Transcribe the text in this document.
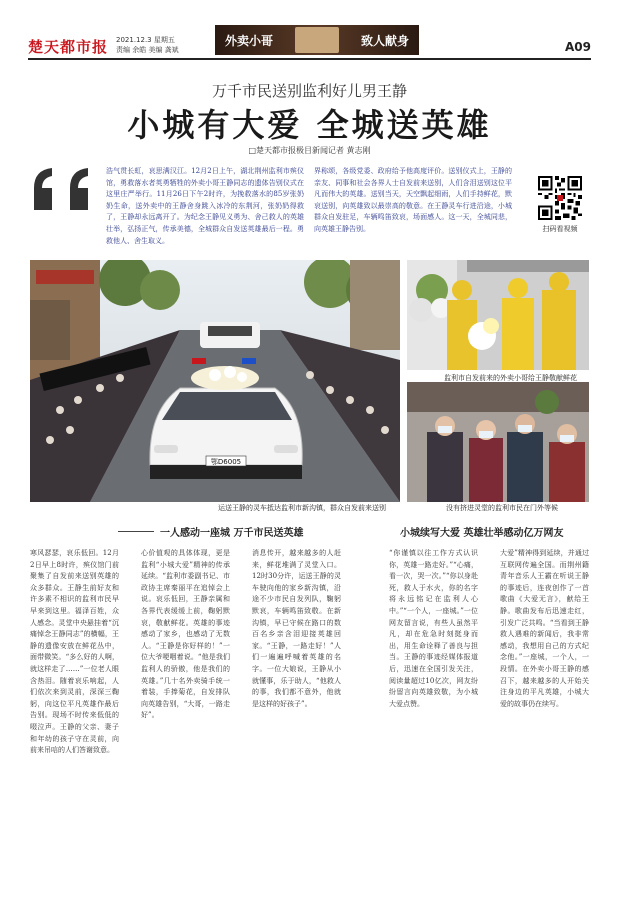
楚天都市报 2021.12.3 星期五
责编 余皓 美编 龚斌
外卖小哥	致人献身	A09
万千市民送别监利好儿男王静
小城有大爱 全城送英雄
□楚天都市报极目新闻记者 黄志刚
浩气贯长虹，哀思满汉江。12月2日上午，湖北荆州监利市殡仪馆，勇救落水者英勇牺牲的外卖小哥王静同志的遗体告别仪式在这里庄严举行。11月26日下午2时许，为挽救落水的85岁张奶奶生命，送外卖中的王静舍身跳入冰冷的东荆河，张奶奶得救了，王静却永远离开了。为纪念王静见义勇为、舍己救人的英雄壮举，弘扬正气，传承美德，全城群众自发送英雄最后一程。勇救他人、舍生取义。
界称颂，各级党委、政府给予他高度评价。送别仪式上，王静的亲友、同事和社会各界人士自发前来送别，人们含泪送别这位平凡而伟大的英雄。送别当天，天空飘起细雨，人们手持鲜花，默哀送别，向英雄致以最崇高的敬意。在王静灵车行进沿途，小城群众自发驻足，车辆鸣笛致哀，场面感人。这一天，全城同悲，向英雄王静告别。	扫码看视频
鄂D6005
运送王静的灵车抵达监利市新沟镇，群众自发前来送别
监利市自发前来的外卖小哥给王静敬献鲜花
没有挤进灵堂的监利市民在门外等候
一人感动一座城 万千市民送英雄	小城续写大爱 英雄壮举感动亿万网友
寒风瑟瑟，哀乐低回。12月2日早上8时许，殡仪馆门前聚集了自发前来送别英雄的众多群众。王静生前好友和许多素不相识的监利市民早早来到这里。福泽百姓，众人感念。灵堂中央悬挂着“沉痛悼念王静同志”的横幅，王静的遗像安放在鲜花丛中，面带微笑。“多么好的人啊，就这样走了……”一位老人眼含热泪。随着哀乐响起，人们依次来到灵前，深深三鞠躬，向这位平凡英雄作最后告别。现场不时传来低低的啜泣声。王静的父亲、妻子和年幼的孩子守在灵前，向前来吊唁的人们答谢致意。
心价值观的具体体现，更是监利“小城大爱”精神的传承延续。“监利市委副书记、市政协主席秦丽平在追悼会上说。哀乐低回，王静亲属和各界代表缓缓上前，鞠躬默哀，敬献鲜花。英雄的事迹感动了家乡，也感动了无数人。“王静是你好样的！”一位大爷哽咽着说。“他是我们监利人的骄傲，他是我们的英雄。”几十名外卖骑手统一着装，手捧菊花，自发排队向英雄告别，“大哥，一路走好”。
消息传开，越来越多的人赶来，鲜花堆满了灵堂入口。12时30分许，运送王静的灵车驶向他的家乡新沟镇，沿途不少市民自发列队，鞠躬默哀，车辆鸣笛致敬。在新沟镇，早已守候在路口的数百名乡亲含泪迎接英雄回家。“王静，一路走好！”人们一遍遍呼喊着英雄的名字。一位大娘说，王静从小就懂事，乐于助人，“他救人的事，我们都不意外，他就是这样的好孩子”。
“你谨慎以往工作方式认识你，英雄一路走好。”“心痛，看一次，哭一次。”“你以身赴死，救人于水火，你的名字将永远铭记在监利人心中。”“一个人，一座城。”一位网友留言说，有些人虽然平凡，却在危急时刻挺身而出，用生命诠释了善良与担当。王静的事迹经媒体报道后，迅速在全国引发关注，阅读量超过10亿次，网友纷纷留言向英雄致敬，为小城大爱点赞。
大爱”精神得到延续，并通过互联网传遍全国。而荆州籍青年音乐人王霸在听说王静的事迹后，连夜创作了一首歌曲《大爱无言》，献给王静。歌曲发布后迅速走红，引发广泛共鸣。“当看到王静救人遇难的新闻后，我非常感动，我想用自己的方式纪念他。”一座城，一个人，一段情。在外卖小哥王静的感召下，越来越多的人开始关注身边的平凡英雄，小城大爱的故事仍在续写。
